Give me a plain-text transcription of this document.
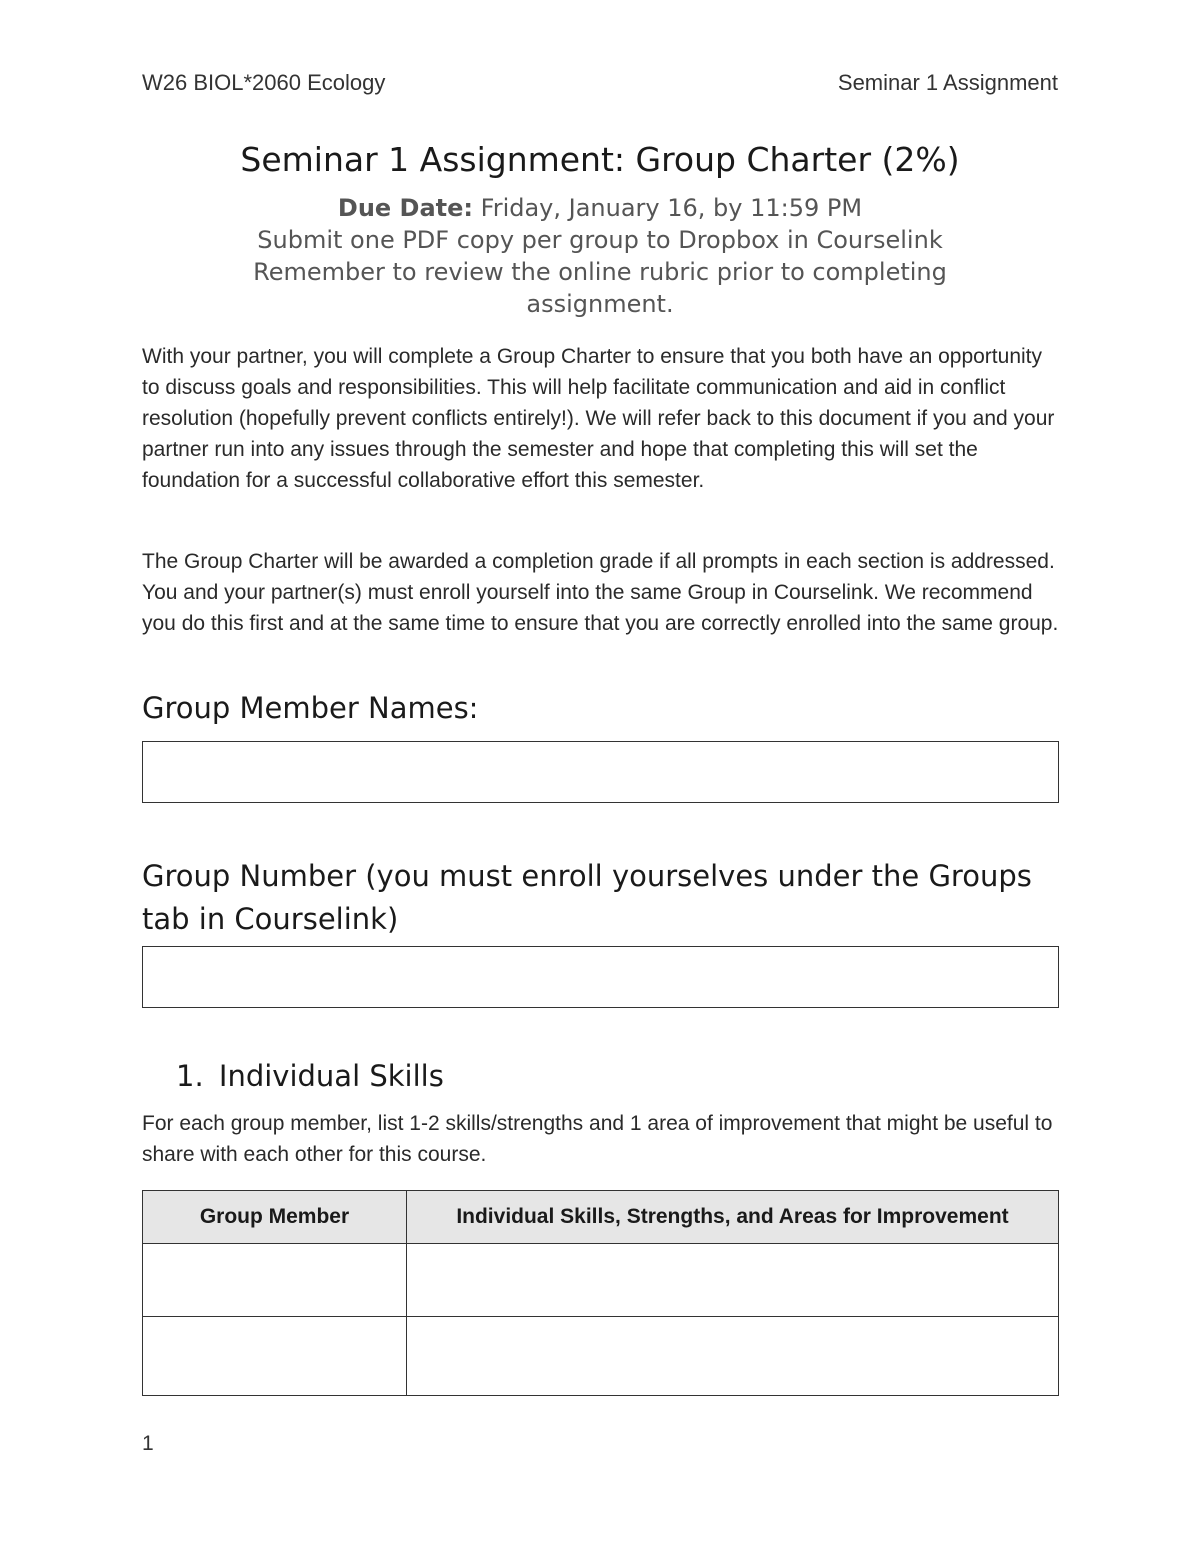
W26 BIOL*2060 Ecology	Seminar 1 Assignment
Seminar 1 Assignment: Group Charter (2%)
Due Date: Friday, January 16, by 11:59 PM
Submit one PDF copy per group to Dropbox in Courselink
Remember to review the online rubric prior to completing assignment.

With your partner, you will complete a Group Charter to ensure that you both have an opportunity to discuss goals and responsibilities. This will help facilitate communication and aid in conflict resolution (hopefully prevent conflicts entirely!). We will refer back to this document if you and your partner run into any issues through the semester and hope that completing this will set the foundation for a successful collaborative effort this semester.

The Group Charter will be awarded a completion grade if all prompts in each section is addressed. You and your partner(s) must enroll yourself into the same Group in Courselink. We recommend you do this first and at the same time to ensure that you are correctly enrolled into the same group.

Group Member Names:
Group Number (you must enroll yourselves under the Groups tab in Courselink)
1. Individual Skills

For each group member, list 1-2 skills/strengths and 1 area of improvement that might be useful to share with each other for this course.

Group Member	Individual Skills, Strengths, and Areas for Improvement

1
